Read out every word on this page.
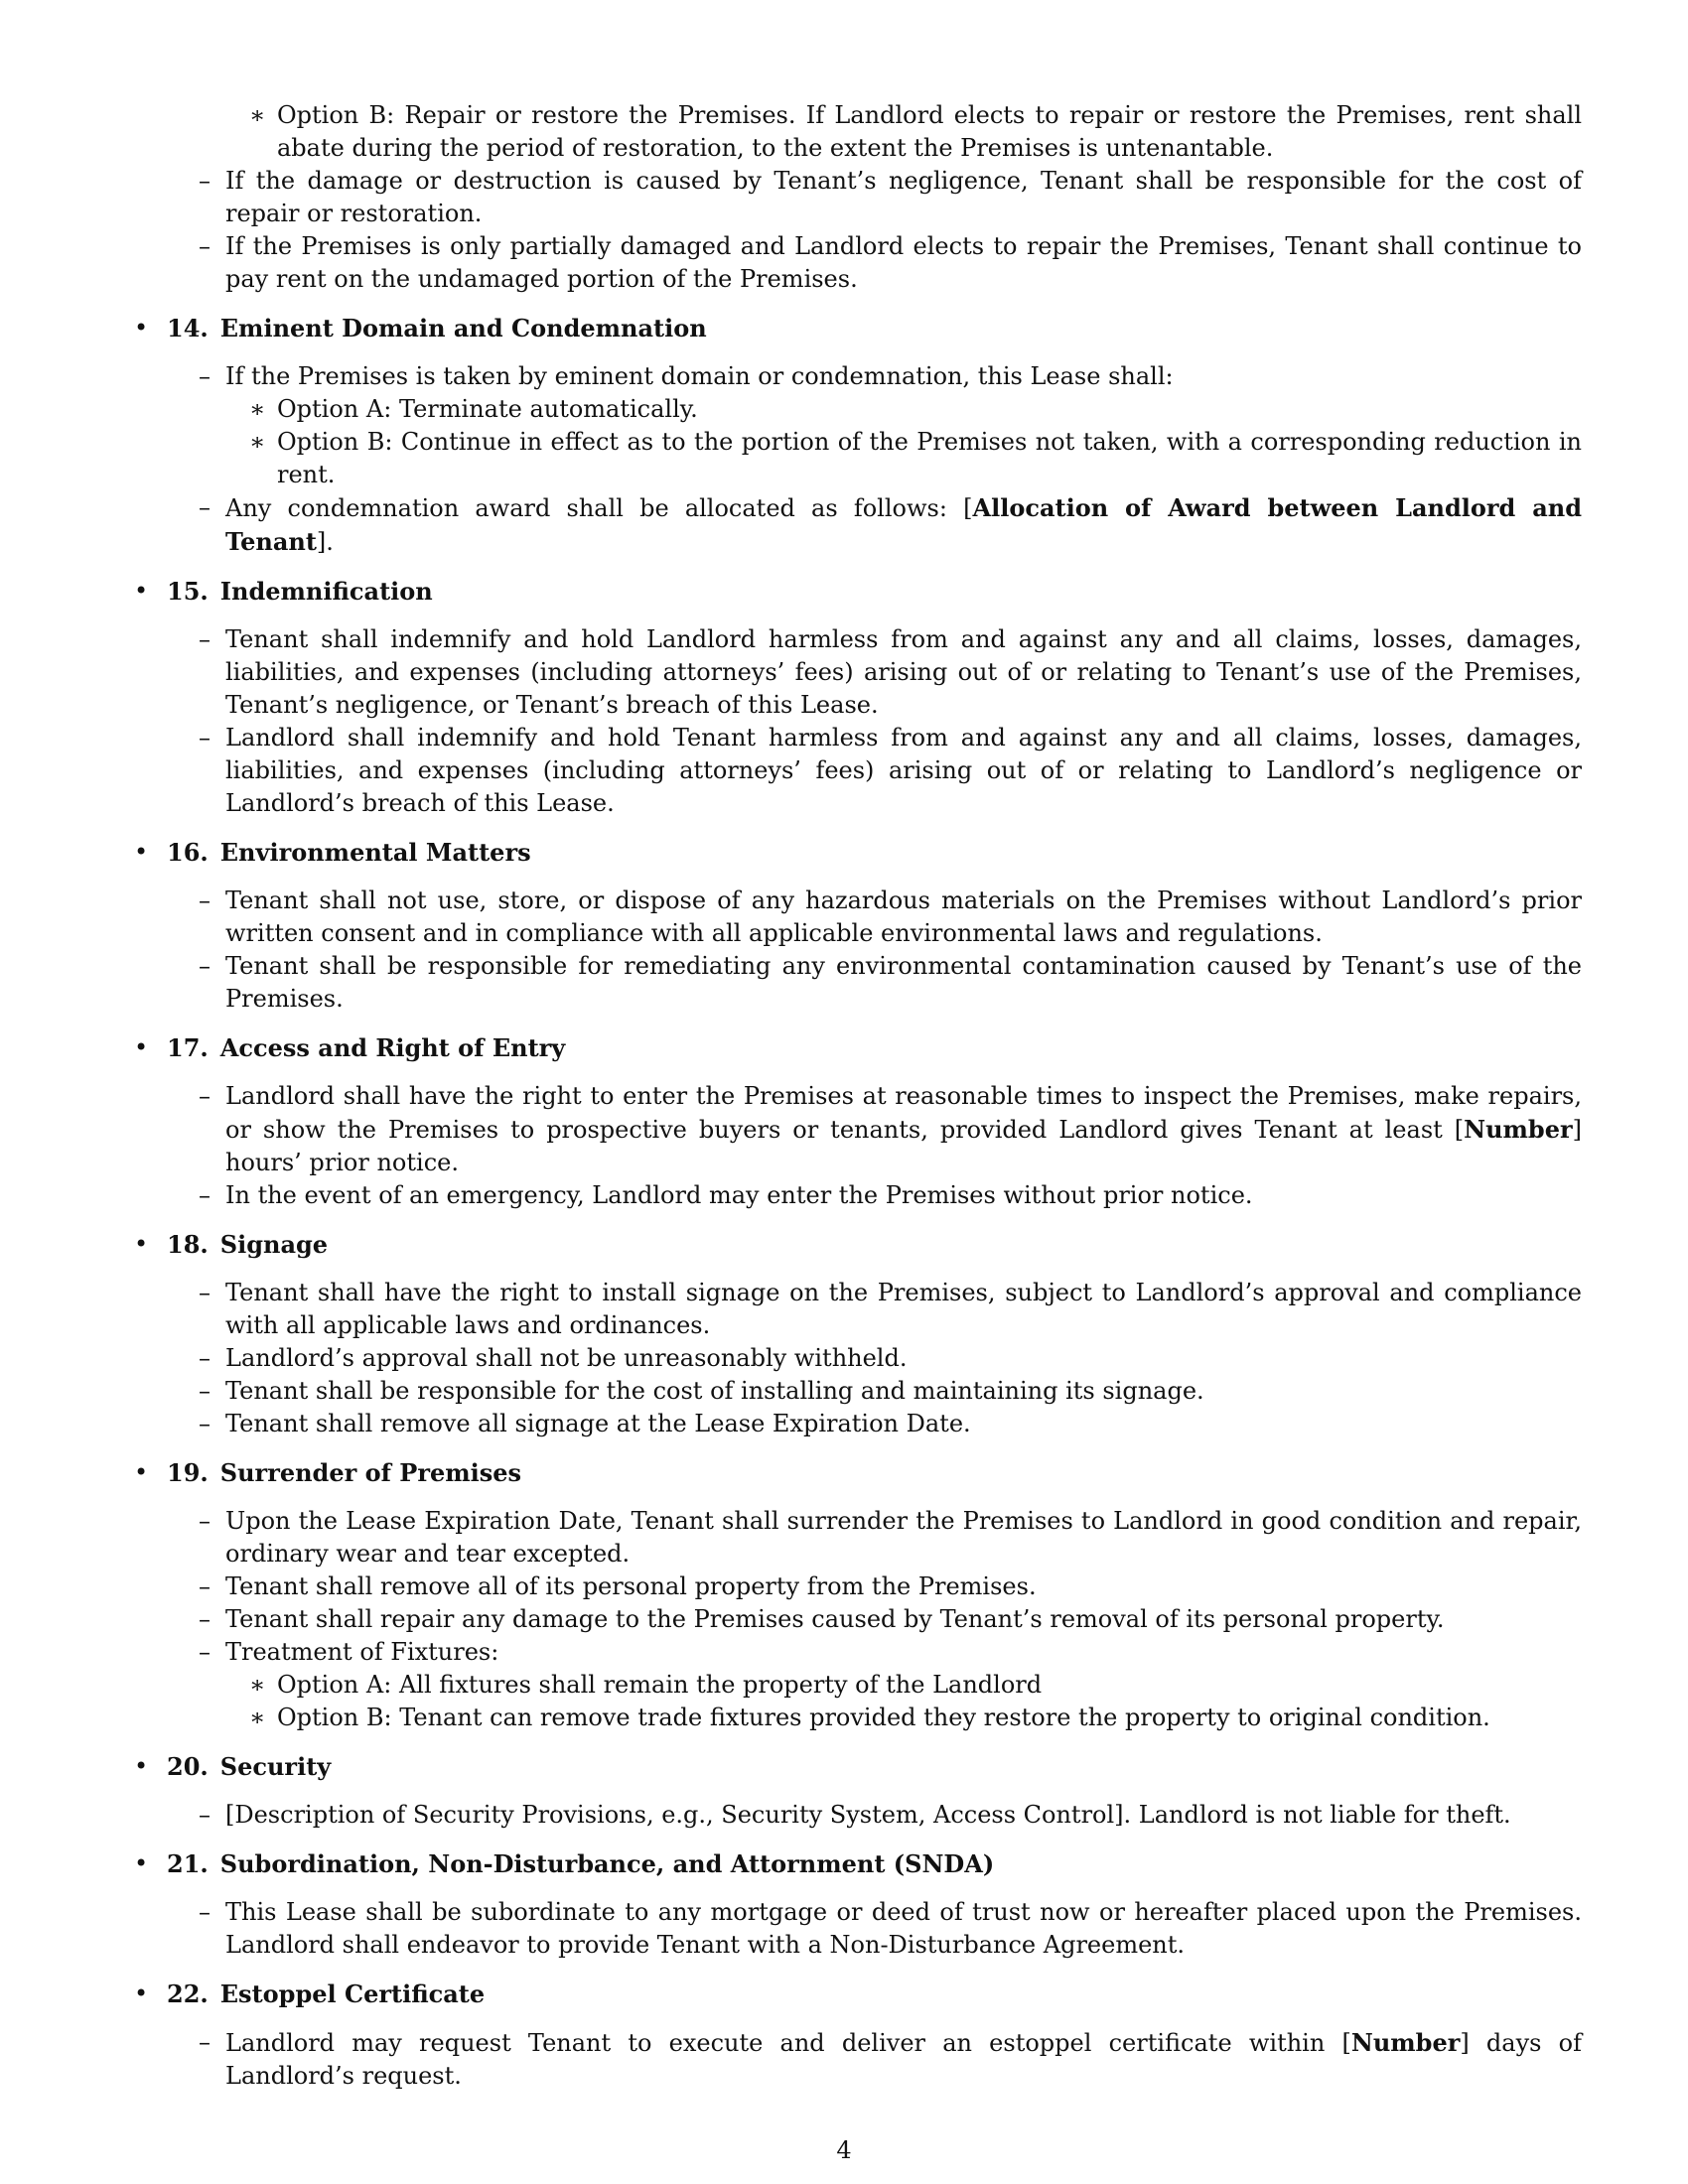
∗ Option B: Repair or restore the Premises. If Landlord elects to repair or restore the Premises, rent shall abate during the period of restoration, to the extent the Premises is untenantable.
– If the damage or destruction is caused by Tenant’s negligence, Tenant shall be responsible for the cost of repair or restoration.
– If the Premises is only partially damaged and Landlord elects to repair the Premises, Tenant shall continue to pay rent on the undamaged portion of the Premises.
• 14. Eminent Domain and Condemnation
– If the Premises is taken by eminent domain or condemnation, this Lease shall:
∗ Option A: Terminate automatically.
∗ Option B: Continue in effect as to the portion of the Premises not taken, with a corresponding reduction in rent.
– Any condemnation award shall be allocated as follows: [Allocation of Award between Landlord and Tenant].
• 15. Indemnification
– Tenant shall indemnify and hold Landlord harmless from and against any and all claims, losses, damages, liabilities, and expenses (including attorneys’ fees) arising out of or relating to Tenant’s use of the Premises, Tenant’s negligence, or Tenant’s breach of this Lease.
– Landlord shall indemnify and hold Tenant harmless from and against any and all claims, losses, damages, liabilities, and expenses (including attorneys’ fees) arising out of or relating to Landlord’s negligence or Landlord’s breach of this Lease.
• 16. Environmental Matters
– Tenant shall not use, store, or dispose of any hazardous materials on the Premises without Landlord’s prior written consent and in compliance with all applicable environmental laws and regulations.
– Tenant shall be responsible for remediating any environmental contamination caused by Tenant’s use of the Premises.
• 17. Access and Right of Entry
– Landlord shall have the right to enter the Premises at reasonable times to inspect the Premises, make repairs, or show the Premises to prospective buyers or tenants, provided Landlord gives Tenant at least [Number] hours’ prior notice.
– In the event of an emergency, Landlord may enter the Premises without prior notice.
• 18. Signage
– Tenant shall have the right to install signage on the Premises, subject to Landlord’s approval and compliance with all applicable laws and ordinances.
– Landlord’s approval shall not be unreasonably withheld.
– Tenant shall be responsible for the cost of installing and maintaining its signage.
– Tenant shall remove all signage at the Lease Expiration Date.
• 19. Surrender of Premises
– Upon the Lease Expiration Date, Tenant shall surrender the Premises to Landlord in good condition and repair, ordinary wear and tear excepted.
– Tenant shall remove all of its personal property from the Premises.
– Tenant shall repair any damage to the Premises caused by Tenant’s removal of its personal property.
– Treatment of Fixtures:
∗ Option A: All fixtures shall remain the property of the Landlord
∗ Option B: Tenant can remove trade fixtures provided they restore the property to original condition.
• 20. Security
– [Description of Security Provisions, e.g., Security System, Access Control]. Landlord is not liable for theft.
• 21. Subordination, Non-Disturbance, and Attornment (SNDA)
– This Lease shall be subordinate to any mortgage or deed of trust now or hereafter placed upon the Premises. Landlord shall endeavor to provide Tenant with a Non-Disturbance Agreement.
• 22. Estoppel Certificate
– Landlord may request Tenant to execute and deliver an estoppel certificate within [Number] days of Landlord’s request.
4
